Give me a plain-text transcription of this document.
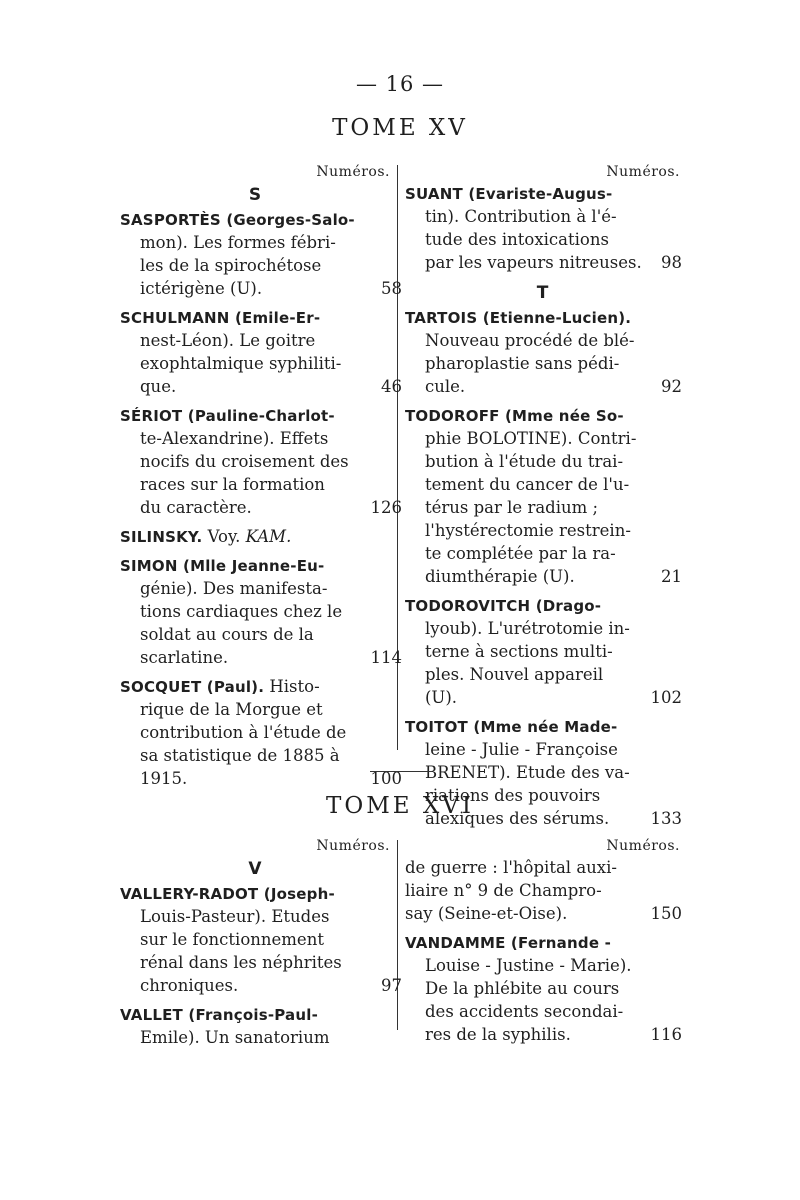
— 16 —
TOME XV
Numéros.
S
SASPORTÈS (Georges-Salo-
mon). Les formes fébri-
les de la spirochétose
ictérigène (U).	58
SCHULMANN (Emile-Er-
nest-Léon). Le goitre
exophtalmique syphiliti-
que.	46
SÉRIOT (Pauline-Charlot-
te-Alexandrine). Effets
nocifs du croisement des
races sur la formation
du caractère.	126
SILINSKY. Voy. KAM.
SIMON (Mlle Jeanne-Eu-
génie). Des manifesta-
tions cardiaques chez le
soldat au cours de la
scarlatine.	114
SOCQUET (Paul). Histo-
rique de la Morgue et
contribution à l'étude de
sa statistique de 1885 à
1915.	100
Numéros.
SUANT (Evariste-Augus-
tin). Contribution à l'é-
tude des intoxications
par les vapeurs nitreuses.	98
T
TARTOIS (Etienne-Lucien).
Nouveau procédé de blé-
pharoplastie sans pédi-
cule.	92
TODOROFF (Mme née So-
phie BOLOTINE). Contri-
bution à l'étude du trai-
tement du cancer de l'u-
térus par le radium ;
l'hystérectomie restrein-
te complétée par la ra-
diumthérapie (U).	21
TODOROVITCH (Drago-
lyoub). L'urétrotomie in-
terne à sections multi-
ples. Nouvel appareil
(U).	102
TOITOT (Mme née Made-
leine - Julie - Françoise
BRENET). Etude des va-
riations des pouvoirs
alexiques des sérums.	133
TOME XVI
Numéros.
V
VALLERY-RADOT (Joseph-
Louis-Pasteur). Etudes
sur le fonctionnement
rénal dans les néphrites
chroniques.	97
VALLET (François-Paul-
Emile). Un sanatorium
Numéros.
de guerre : l'hôpital auxi-
liaire n° 9 de Champro-
say (Seine-et-Oise).	150
VANDAMME (Fernande -
Louise - Justine - Marie).
De la phlébite au cours
des accidents secondai-
res de la syphilis.	116
